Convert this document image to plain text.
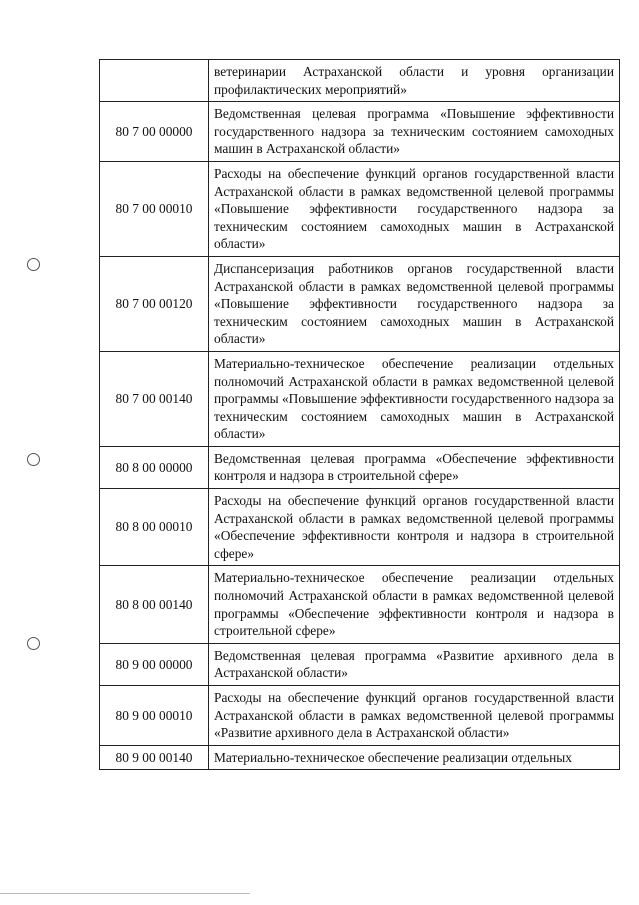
	ветеринарии Астраханской области и уровня организации профилактических мероприятий»
80 7 00 00000	Ведомственная целевая программа «Повышение эффективности государственного надзора за техническим состоянием самоходных машин в Астраханской области»
80 7 00 00010	Расходы на обеспечение функций органов государственной власти Астраханской области в рамках ведомственной целевой программы «Повышение эффективности государственного надзора за техническим состоянием самоходных машин в Астраханской области»
80 7 00 00120	Диспансеризация работников органов государственной власти Астраханской области в рамках ведомственной целевой программы «Повышение эффективности государственного надзора за техническим состоянием самоходных машин в Астраханской области»
80 7 00 00140	Материально-техническое обеспечение реализации отдельных полномочий Астраханской области в рамках ведомственной целевой программы «Повышение эффективности государственного надзора за техническим состоянием самоходных машин в Астраханской области»
80 8 00 00000	Ведомственная целевая программа «Обеспечение эффективности контроля и надзора в строительной сфере»
80 8 00 00010	Расходы на обеспечение функций органов государственной власти Астраханской области в рамках ведомственной целевой программы «Обеспечение эффективности контроля и надзора в строительной сфере»
80 8 00 00140	Материально-техническое обеспечение реализации отдельных полномочий Астраханской области в рамках ведомственной целевой программы «Обеспечение эффективности контроля и надзора в строительной сфере»
80 9 00 00000	Ведомственная целевая программа «Развитие архивного дела в Астраханской области»
80 9 00 00010	Расходы на обеспечение функций органов государственной власти Астраханской области в рамках ведомственной целевой программы «Развитие архивного дела в Астраханской области»
80 9 00 00140	Материально-техническое обеспечение реализации отдельных
